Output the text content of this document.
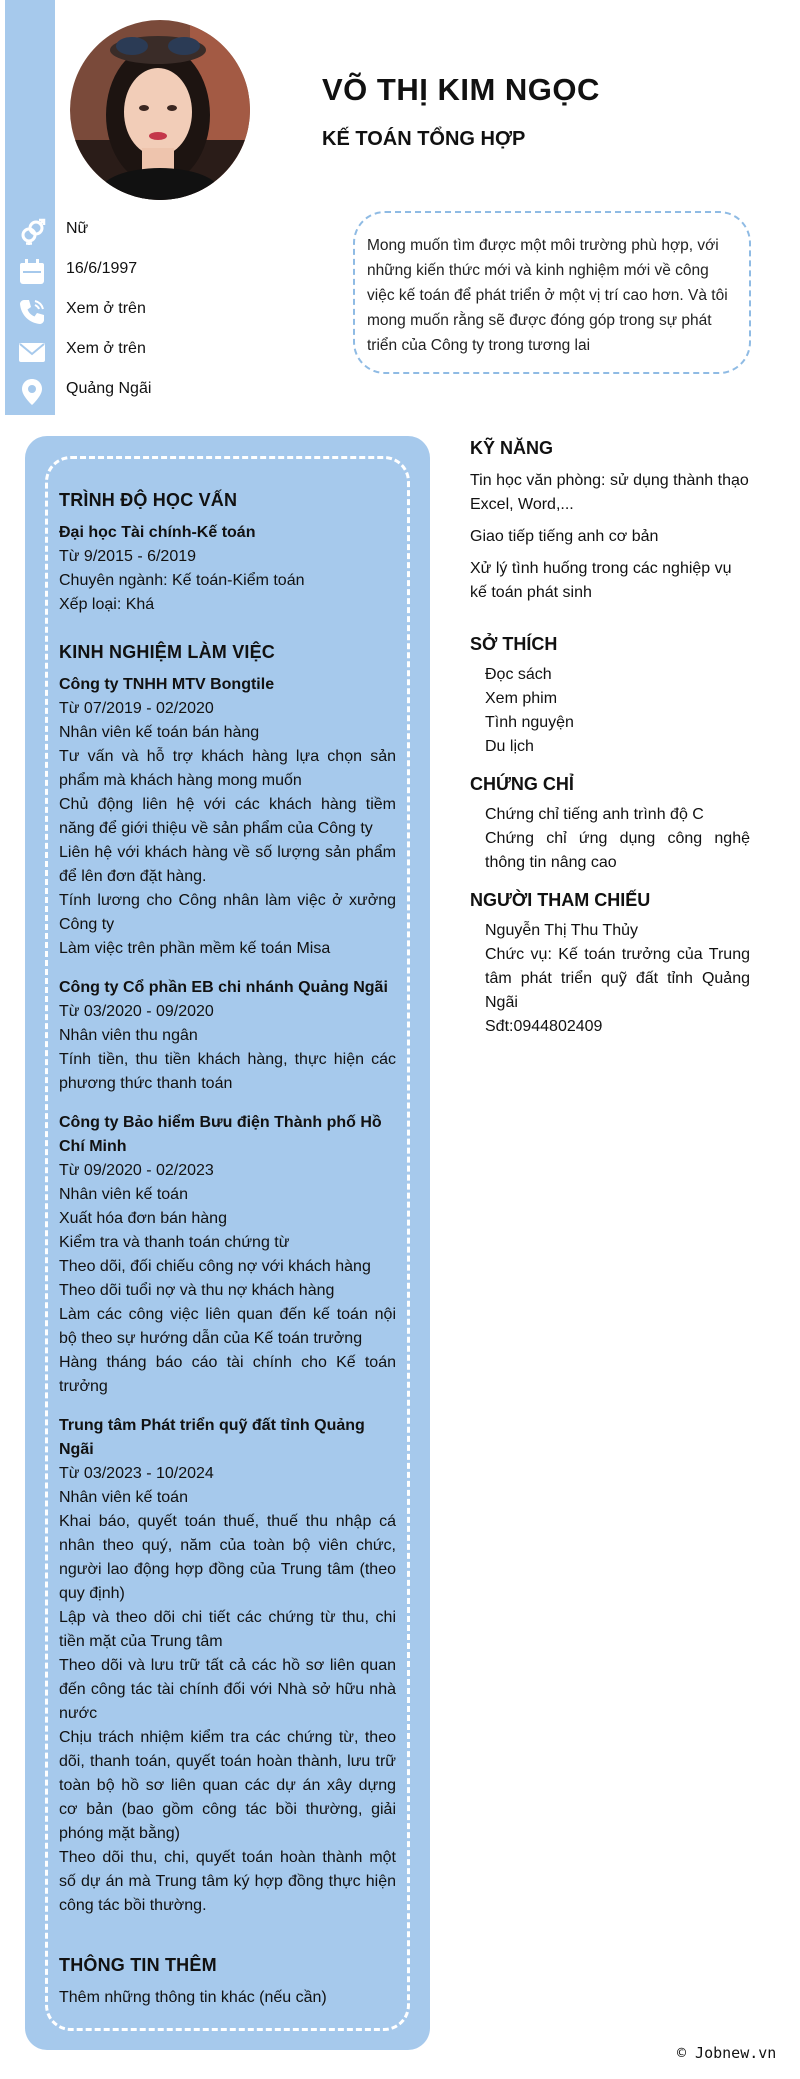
VÕ THỊ KIM NGỌC
KẾ TOÁN TỔNG HỢP
Nữ
16/6/1997
Xem ở trên
Xem ở trên
Quảng Ngãi
Mong muốn tìm được một môi trường phù hợp, với những kiến thức mới và kinh nghiệm mới về công việc kế toán để phát triển ở một vị trí cao hơn. Và tôi mong muốn rằng sẽ được đóng góp trong sự phát triển của Công ty trong tương lai
TRÌNH ĐỘ HỌC VẤN
Đại học Tài chính-Kế toán
Từ 9/2015 - 6/2019
Chuyên ngành: Kế toán-Kiểm toán
Xếp loại: Khá
KINH NGHIỆM LÀM VIỆC
Công ty TNHH MTV Bongtile
Từ 07/2019 - 02/2020
Nhân viên kế toán bán hàng
Tư vấn và hỗ trợ khách hàng lựa chọn sản phẩm mà khách hàng mong muốn
Chủ động liên hệ với các khách hàng tiềm năng để giới thiệu về sản phẩm của Công ty
Liên hệ với khách hàng về số lượng sản phẩm để lên đơn đặt hàng.
Tính lương cho Công nhân làm việc ở xưởng Công ty
Làm việc trên phần mềm kế toán Misa
Công ty Cổ phần EB chi nhánh Quảng Ngãi
Từ 03/2020 - 09/2020
Nhân viên thu ngân
Tính tiền, thu tiền khách hàng, thực hiện các phương thức thanh toán
Công ty Bảo hiểm Bưu điện Thành phố Hồ Chí Minh
Từ 09/2020 - 02/2023
Nhân viên kế toán
Xuất hóa đơn bán hàng
Kiểm tra và thanh toán chứng từ
Theo dõi, đối chiếu công nợ với khách hàng
Theo dõi tuổi nợ và thu nợ khách hàng
Làm các công việc liên quan đến kế toán nội bộ theo sự hướng dẫn của Kế toán trưởng
Hàng tháng báo cáo tài chính cho Kế toán trưởng
Trung tâm Phát triển quỹ đất tỉnh Quảng Ngãi
Từ 03/2023 - 10/2024
Nhân viên kế toán
Khai báo, quyết toán thuế, thuế thu nhập cá nhân theo quý, năm của toàn bộ viên chức, người lao động hợp đồng của Trung tâm (theo quy định)
Lập và theo dõi chi tiết các chứng từ thu, chi tiền mặt của Trung tâm
Theo dõi và lưu trữ tất cả các hồ sơ liên quan đến công tác tài chính đối với Nhà sở hữu nhà nước
Chịu trách nhiệm kiểm tra các chứng từ, theo dõi, thanh toán, quyết toán hoàn thành, lưu trữ toàn bộ hồ sơ liên quan các dự án xây dựng cơ bản (bao gồm công tác bồi thường, giải phóng mặt bằng)
Theo dõi thu, chi, quyết toán hoàn thành một số dự án mà Trung tâm ký hợp đồng thực hiện công tác bồi thường.
THÔNG TIN THÊM
Thêm những thông tin khác (nếu cần)
KỸ NĂNG
Tin học văn phòng: sử dụng thành thạo Excel, Word,...
Giao tiếp tiếng anh cơ bản
Xử lý tình huống trong các nghiệp vụ kế toán phát sinh
SỞ THÍCH
Đọc sách
Xem phim
Tình nguyện
Du lịch
CHỨNG CHỈ
Chứng chỉ tiếng anh trình độ C
Chứng chỉ ứng dụng công nghệ thông tin nâng cao
NGƯỜI THAM CHIẾU
Nguyễn Thị Thu Thủy
Chức vụ: Kế toán trưởng của Trung tâm phát triển quỹ đất tỉnh Quảng Ngãi
Sđt:0944802409
© Jobnew.vn
